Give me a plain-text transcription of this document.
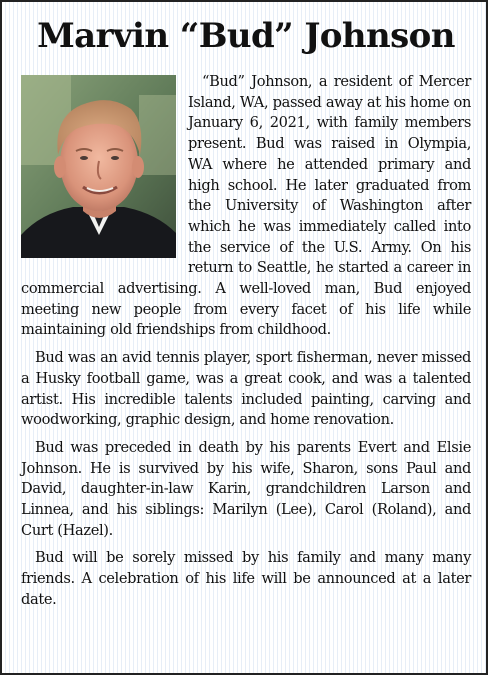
Marvin “Bud” Johnson

“Bud” Johnson, a resident of Mercer Island, WA, passed away at his home on January 6, 2021, with family members present. Bud was raised in Olympia, WA where he attended primary and high school. He later graduated from the University of Washington after which he was immediately called into the service of the U.S. Army. On his return to Seattle, he started a career in commercial advertising. A well-loved man, Bud enjoyed meeting new people from every facet of his life while maintaining old friendships from childhood.

Bud was an avid tennis player, sport fisherman, never missed a Husky football game, was a great cook, and was a talented artist. His incredible talents included painting, carving and woodworking, graphic design, and home renovation.

Bud was preceded in death by his parents Evert and Elsie Johnson. He is survived by his wife, Sharon, sons Paul and David, daughter-in-law Karin, grandchildren Larson and Linnea, and his siblings: Marilyn (Lee), Carol (Roland), and Curt (Hazel).

Bud will be sorely missed by his family and many many friends. A celebration of his life will be announced at a later date.
